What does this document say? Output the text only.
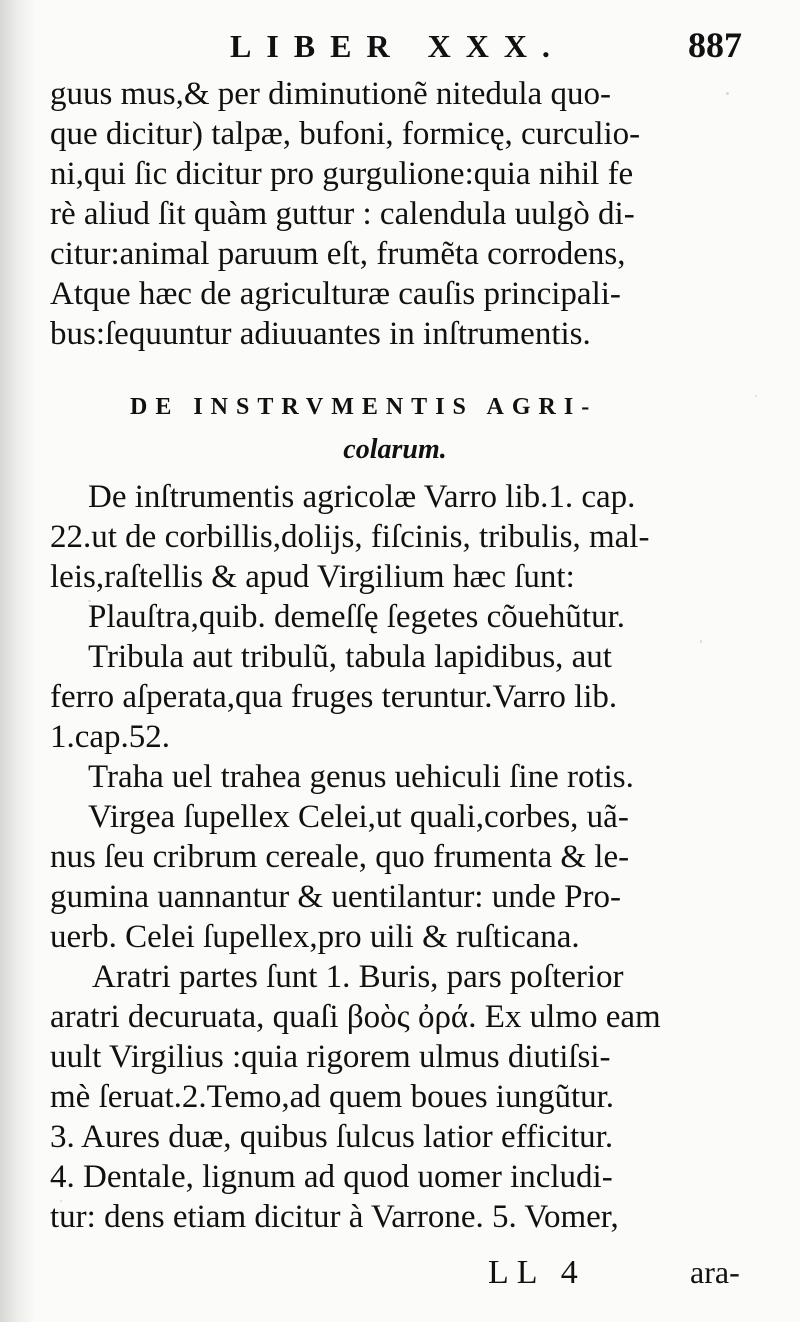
LIBER XXX.	887
guus mus,& per diminutionẽ nitedula quo-
que dicitur) talpæ, bufoni, formicę, curculio-
ni,qui ſic dicitur pro gurgulione:quia nihil fe
rè aliud ſit quàm guttur : calendula uulgò di-
citur:animal paruum eſt, frumẽta corrodens,
Atque hæc de agriculturæ cauſis principali-
bus:ſequuntur adiuuantes in inſtrumentis.
DE INSTRVMENTIS AGRI-
colarum.
De inſtrumentis agricolæ Varro lib.1. cap.
22.ut de corbillis,dolijs, fiſcinis, tribulis, mal-
leis,raſtellis & apud Virgilium hæc ſunt:
Plauſtra,quib. demeſſę ſegetes cõuehũtur.
Tribula aut tribulũ, tabula lapidibus, aut
ferro aſperata,qua fruges teruntur.Varro lib.
1.cap.52.
Traha uel trahea genus uehiculi ſine rotis.
Virgea ſupellex Celei,ut quali,corbes, uã-
nus ſeu cribrum cereale, quo frumenta & le-
gumina uannantur & uentilantur: unde Pro-
uerb. Celei ſupellex,pro uili & ruſticana.
Aratri partes ſunt 1. Buris, pars poſterior
aratri decuruata, quaſi βοὸς ὀρά. Ex ulmo eam
uult Virgilius :quia rigorem ulmus diutiſsi-
mè ſeruat.2.Temo,ad quem boues iungũtur.
3. Aures duæ, quibus ſulcus latior efficitur.
4. Dentale, lignum ad quod uomer includi-
tur: dens etiam dicitur à Varrone. 5. Vomer,
LL 4	ara-
